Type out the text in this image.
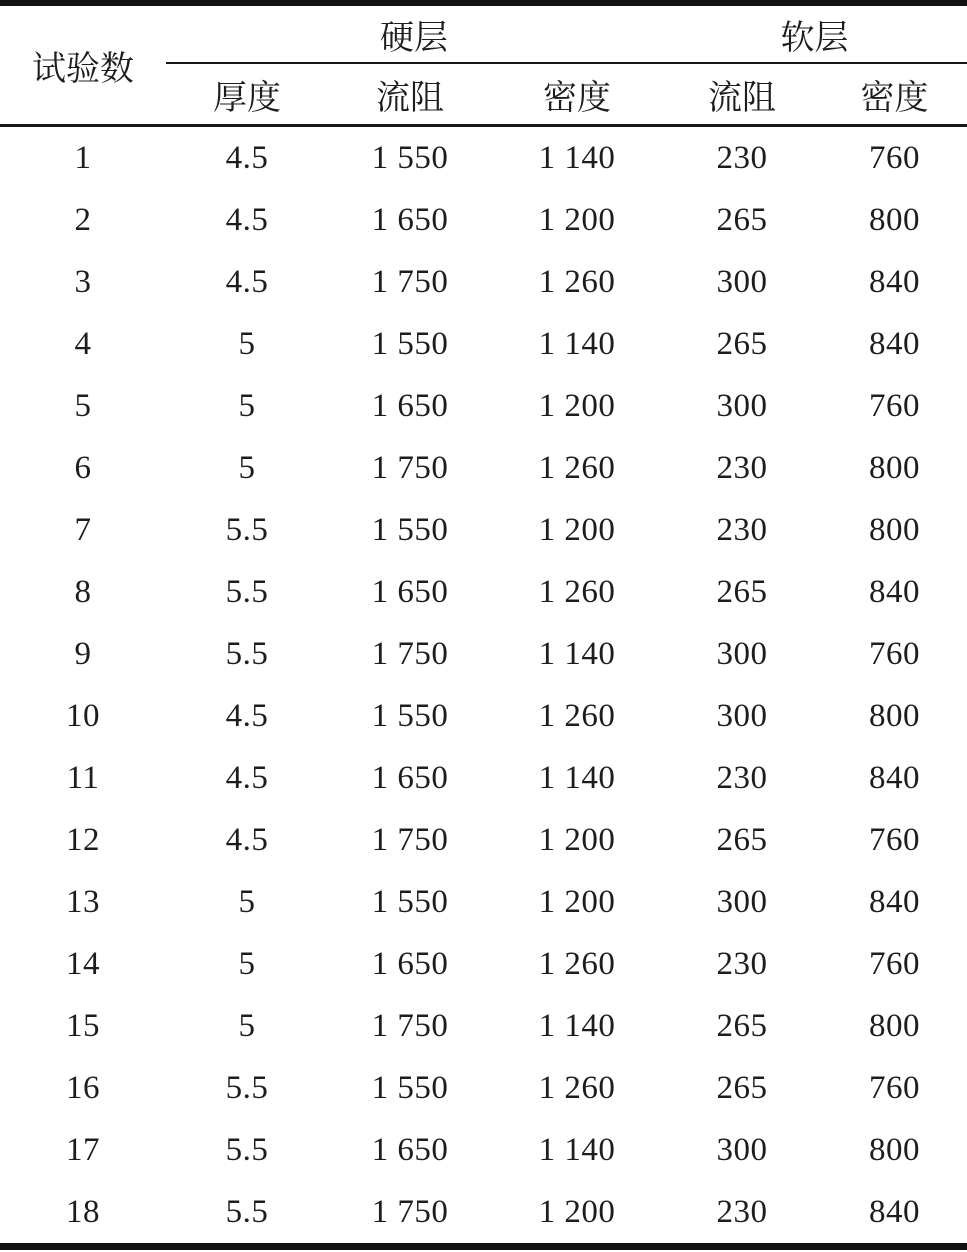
试验数	硬层			软层	
	厚度	流阻	密度	流阻	密度
1	4.5	1 550	1 140	230	760
2	4.5	1 650	1 200	265	800
3	4.5	1 750	1 260	300	840
4	5	1 550	1 140	265	840
5	5	1 650	1 200	300	760
6	5	1 750	1 260	230	800
7	5.5	1 550	1 200	230	800
8	5.5	1 650	1 260	265	840
9	5.5	1 750	1 140	300	760
10	4.5	1 550	1 260	300	800
11	4.5	1 650	1 140	230	840
12	4.5	1 750	1 200	265	760
13	5	1 550	1 200	300	840
14	5	1 650	1 260	230	760
15	5	1 750	1 140	265	800
16	5.5	1 550	1 260	265	760
17	5.5	1 650	1 140	300	800
18	5.5	1 750	1 200	230	840
